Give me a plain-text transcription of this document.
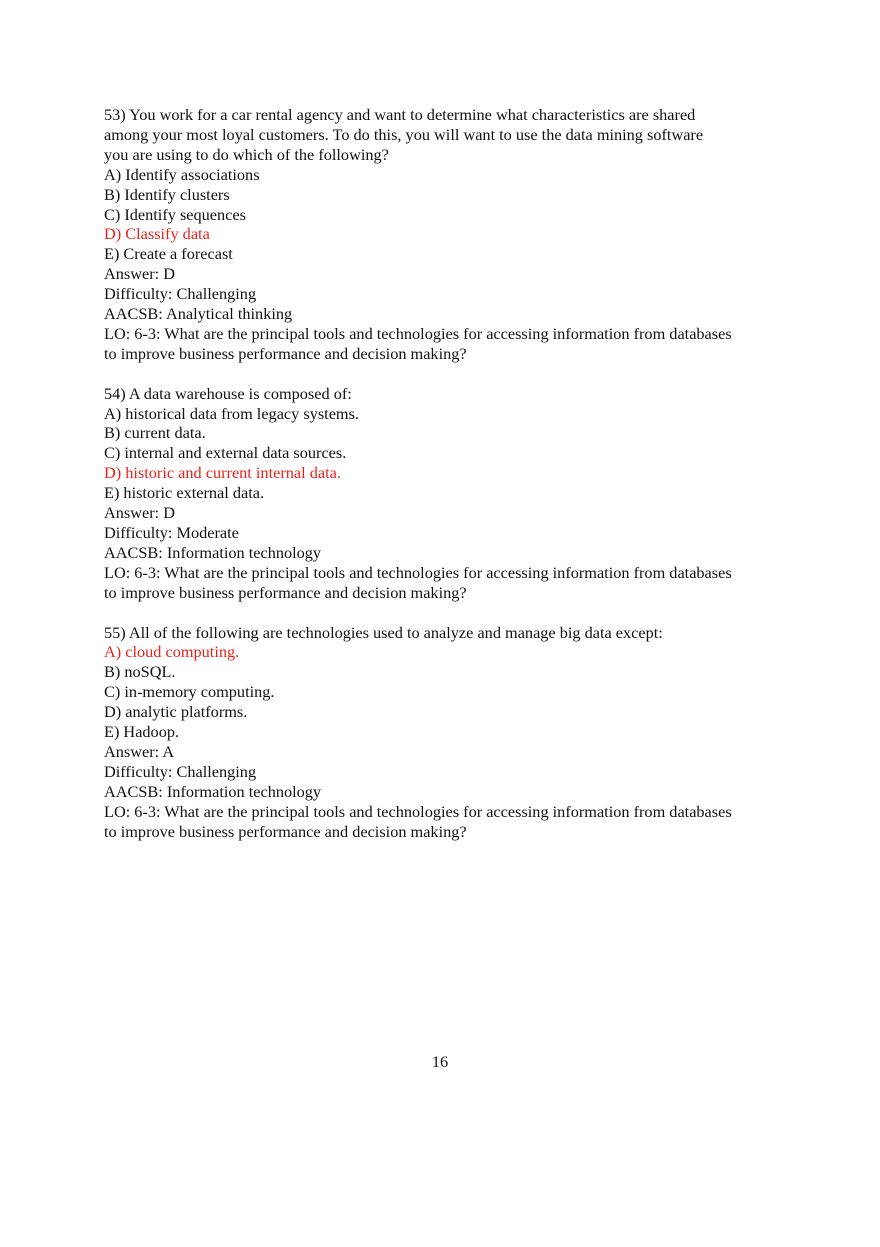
53) You work for a car rental agency and want to determine what characteristics are shared
among your most loyal customers. To do this, you will want to use the data mining software
you are using to do which of the following?
A) Identify associations
B) Identify clusters
C) Identify sequences
D) Classify data
E) Create a forecast
Answer: D
Difficulty: Challenging
AACSB: Analytical thinking
LO: 6-3: What are the principal tools and technologies for accessing information from databases
to improve business performance and decision making?
54) A data warehouse is composed of:
A) historical data from legacy systems.
B) current data.
C) internal and external data sources.
D) historic and current internal data.
E) historic external data.
Answer: D
Difficulty: Moderate
AACSB: Information technology
LO: 6-3: What are the principal tools and technologies for accessing information from databases
to improve business performance and decision making?
55) All of the following are technologies used to analyze and manage big data except:
A) cloud computing.
B) noSQL.
C) in-memory computing.
D) analytic platforms.
E) Hadoop.
Answer: A
Difficulty: Challenging
AACSB: Information technology
LO: 6-3: What are the principal tools and technologies for accessing information from databases
to improve business performance and decision making?
16
